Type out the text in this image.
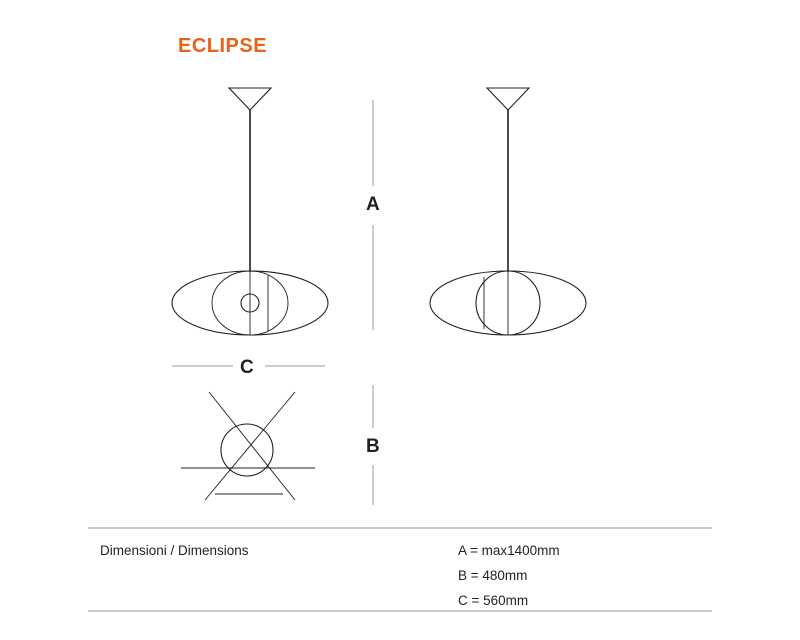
ECLIPSE
A
B
C
Dimensioni / Dimensions	A = max1400mm
B = 480mm
C = 560mm
